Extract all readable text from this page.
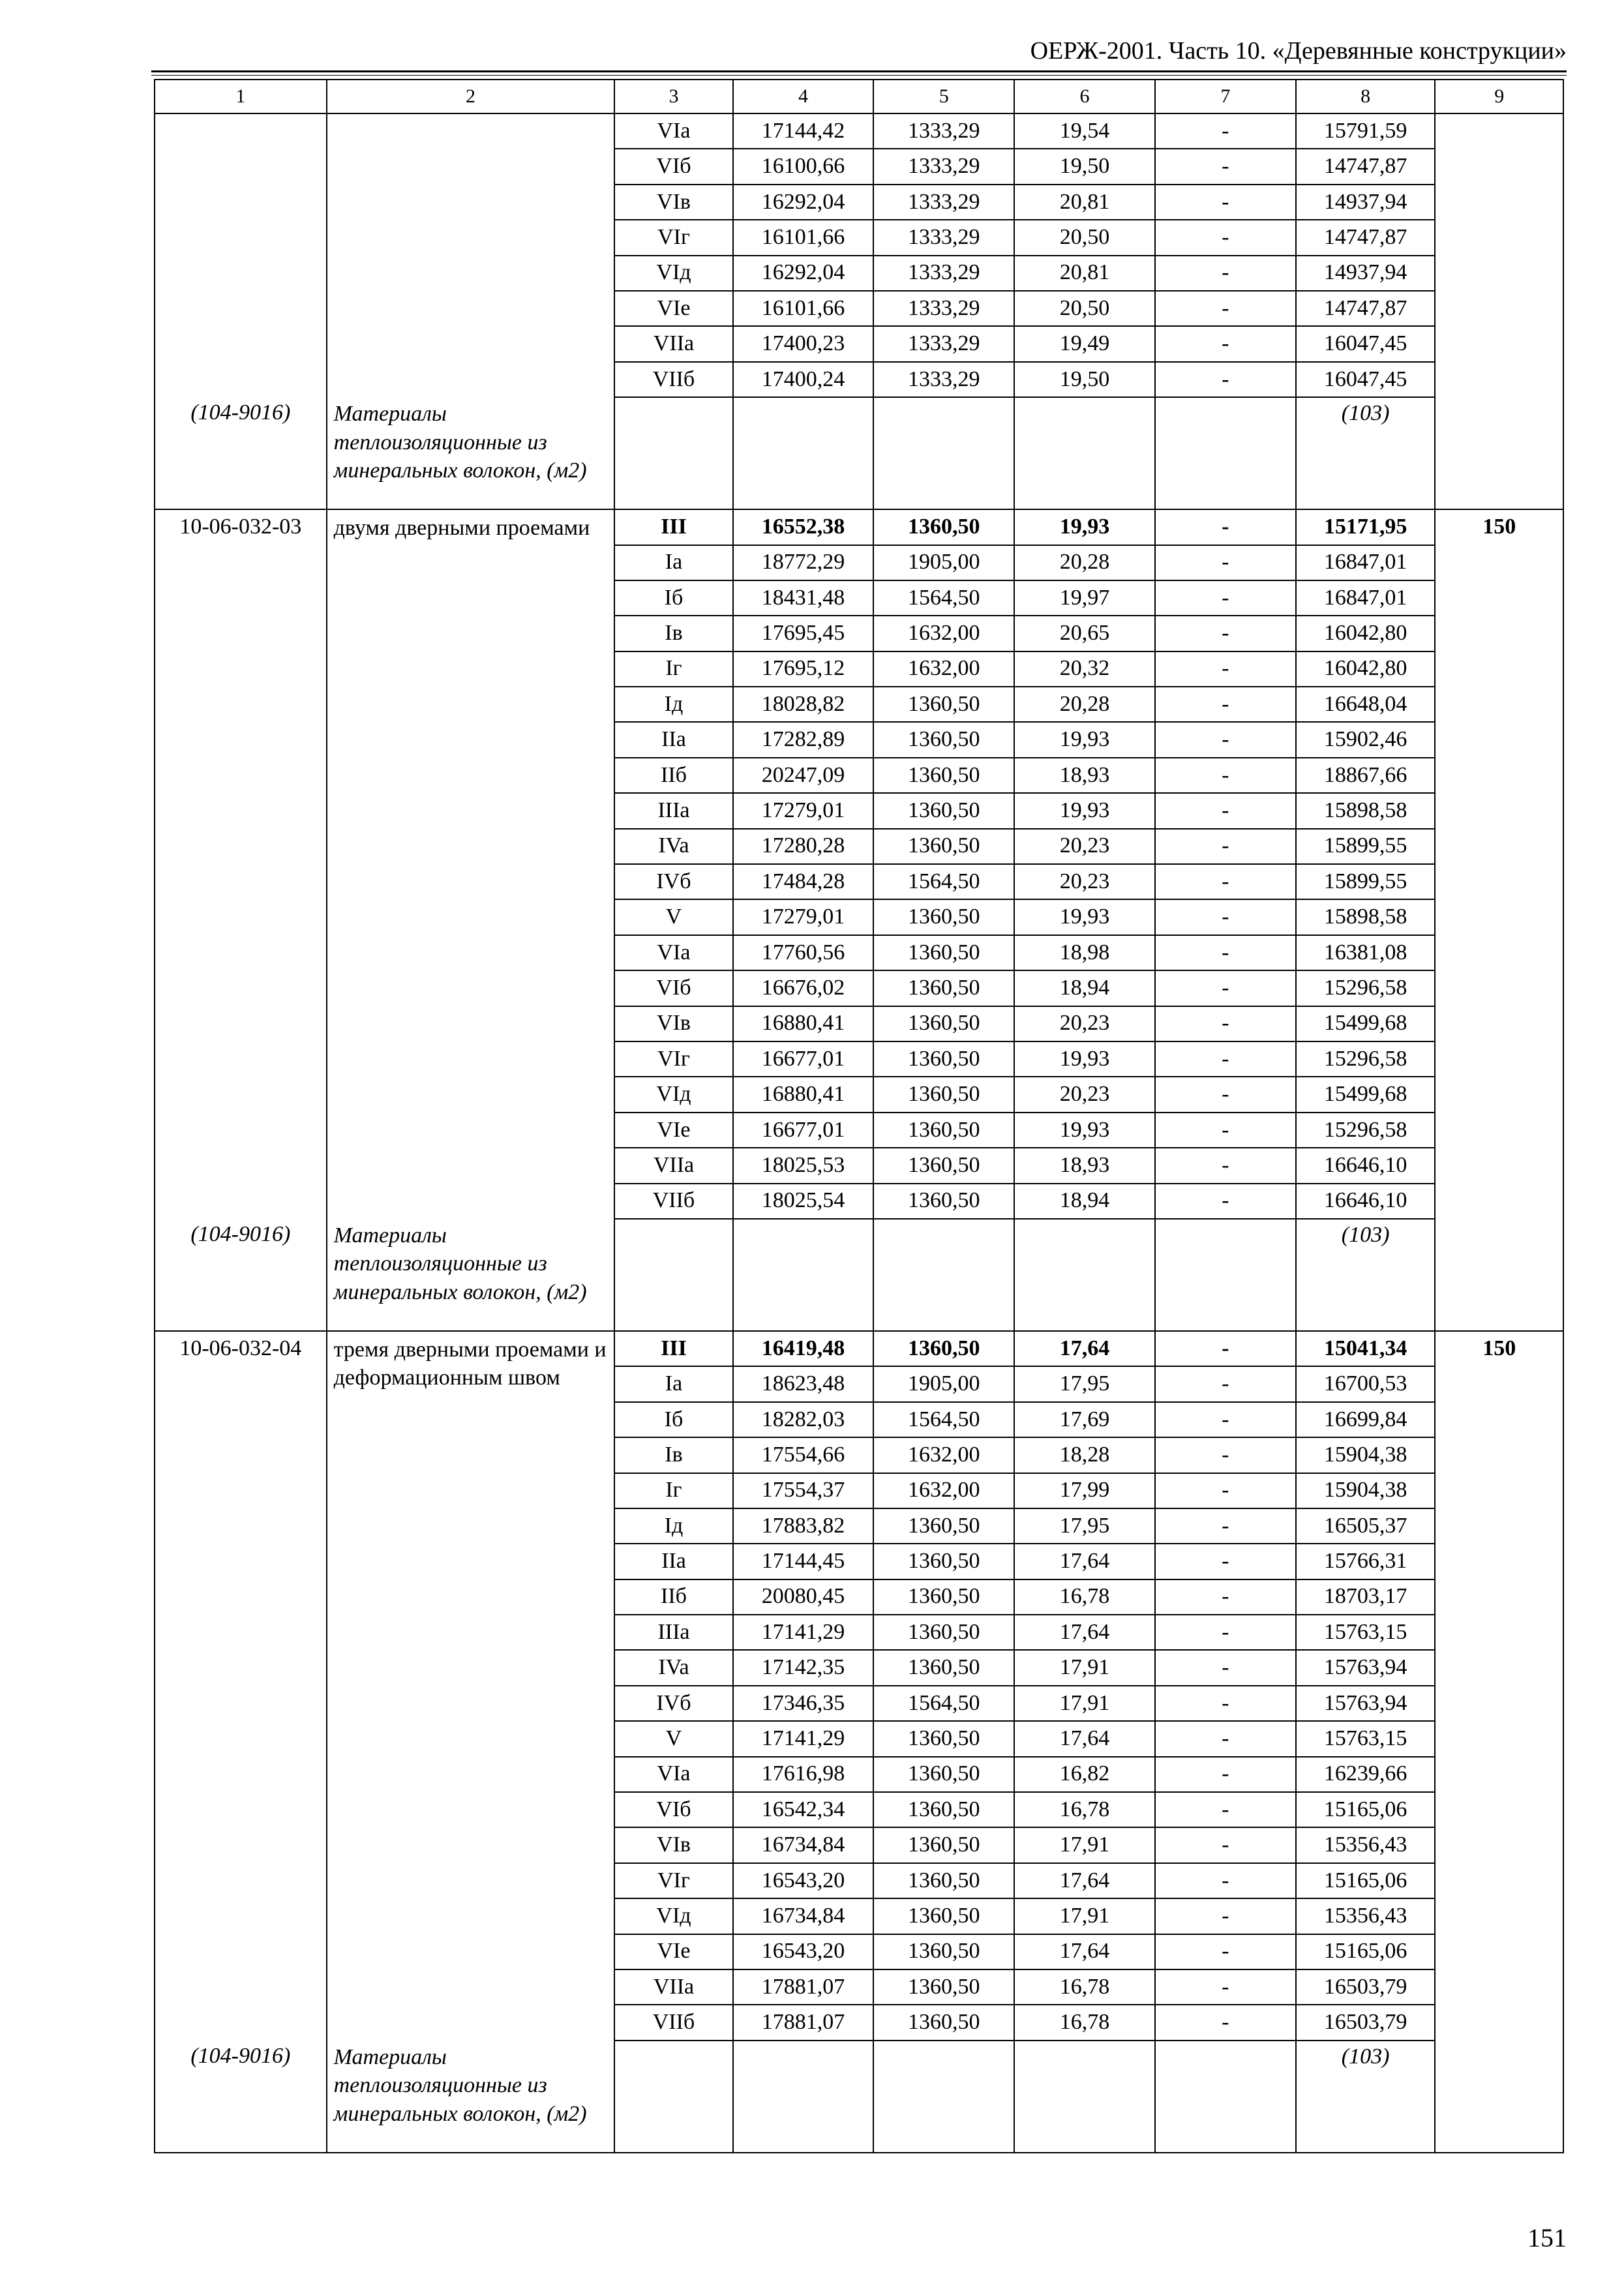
ОЕРЖ-2001. Часть 10. «Деревянные конструкции»
1	2	3	4	5	6	7	8	9
		VIa	17144,42	1333,29	19,54	-	15791,59	
		VIб	16100,66	1333,29	19,50	-	14747,87	
		VIв	16292,04	1333,29	20,81	-	14937,94	
		VIг	16101,66	1333,29	20,50	-	14747,87	
		VIд	16292,04	1333,29	20,81	-	14937,94	
		VIe	16101,66	1333,29	20,50	-	14747,87	
		VIIa	17400,23	1333,29	19,49	-	16047,45	
		VIIб	17400,24	1333,29	19,50	-	16047,45	
(104-9016)	Материалы теплоизоляционные из минеральных волокон, (м2)						(103)	
10-06-032-03	двумя дверными проемами	III	16552,38	1360,50	19,93	-	15171,95	150
		Ia	18772,29	1905,00	20,28	-	16847,01	
		Iб	18431,48	1564,50	19,97	-	16847,01	
		Iв	17695,45	1632,00	20,65	-	16042,80	
		Iг	17695,12	1632,00	20,32	-	16042,80	
		Iд	18028,82	1360,50	20,28	-	16648,04	
		IIa	17282,89	1360,50	19,93	-	15902,46	
		IIб	20247,09	1360,50	18,93	-	18867,66	
		IIIa	17279,01	1360,50	19,93	-	15898,58	
		IVa	17280,28	1360,50	20,23	-	15899,55	
		IVб	17484,28	1564,50	20,23	-	15899,55	
		V	17279,01	1360,50	19,93	-	15898,58	
		VIa	17760,56	1360,50	18,98	-	16381,08	
		VIб	16676,02	1360,50	18,94	-	15296,58	
		VIв	16880,41	1360,50	20,23	-	15499,68	
		VIг	16677,01	1360,50	19,93	-	15296,58	
		VIд	16880,41	1360,50	20,23	-	15499,68	
		VIe	16677,01	1360,50	19,93	-	15296,58	
		VIIa	18025,53	1360,50	18,93	-	16646,10	
		VIIб	18025,54	1360,50	18,94	-	16646,10	
(104-9016)	Материалы теплоизоляционные из минеральных волокон, (м2)						(103)	
10-06-032-04	тремя дверными проемами и деформационным швом	III	16419,48	1360,50	17,64	-	15041,34	150
		Ia	18623,48	1905,00	17,95	-	16700,53	
		Iб	18282,03	1564,50	17,69	-	16699,84	
		Iв	17554,66	1632,00	18,28	-	15904,38	
		Iг	17554,37	1632,00	17,99	-	15904,38	
		Iд	17883,82	1360,50	17,95	-	16505,37	
		IIa	17144,45	1360,50	17,64	-	15766,31	
		IIб	20080,45	1360,50	16,78	-	18703,17	
		IIIa	17141,29	1360,50	17,64	-	15763,15	
		IVa	17142,35	1360,50	17,91	-	15763,94	
		IVб	17346,35	1564,50	17,91	-	15763,94	
		V	17141,29	1360,50	17,64	-	15763,15	
		VIa	17616,98	1360,50	16,82	-	16239,66	
		VIб	16542,34	1360,50	16,78	-	15165,06	
		VIв	16734,84	1360,50	17,91	-	15356,43	
		VIг	16543,20	1360,50	17,64	-	15165,06	
		VIд	16734,84	1360,50	17,91	-	15356,43	
		VIe	16543,20	1360,50	17,64	-	15165,06	
		VIIa	17881,07	1360,50	16,78	-	16503,79	
		VIIб	17881,07	1360,50	16,78	-	16503,79	
(104-9016)	Материалы теплоизоляционные из минеральных волокон, (м2)						(103)	
151
